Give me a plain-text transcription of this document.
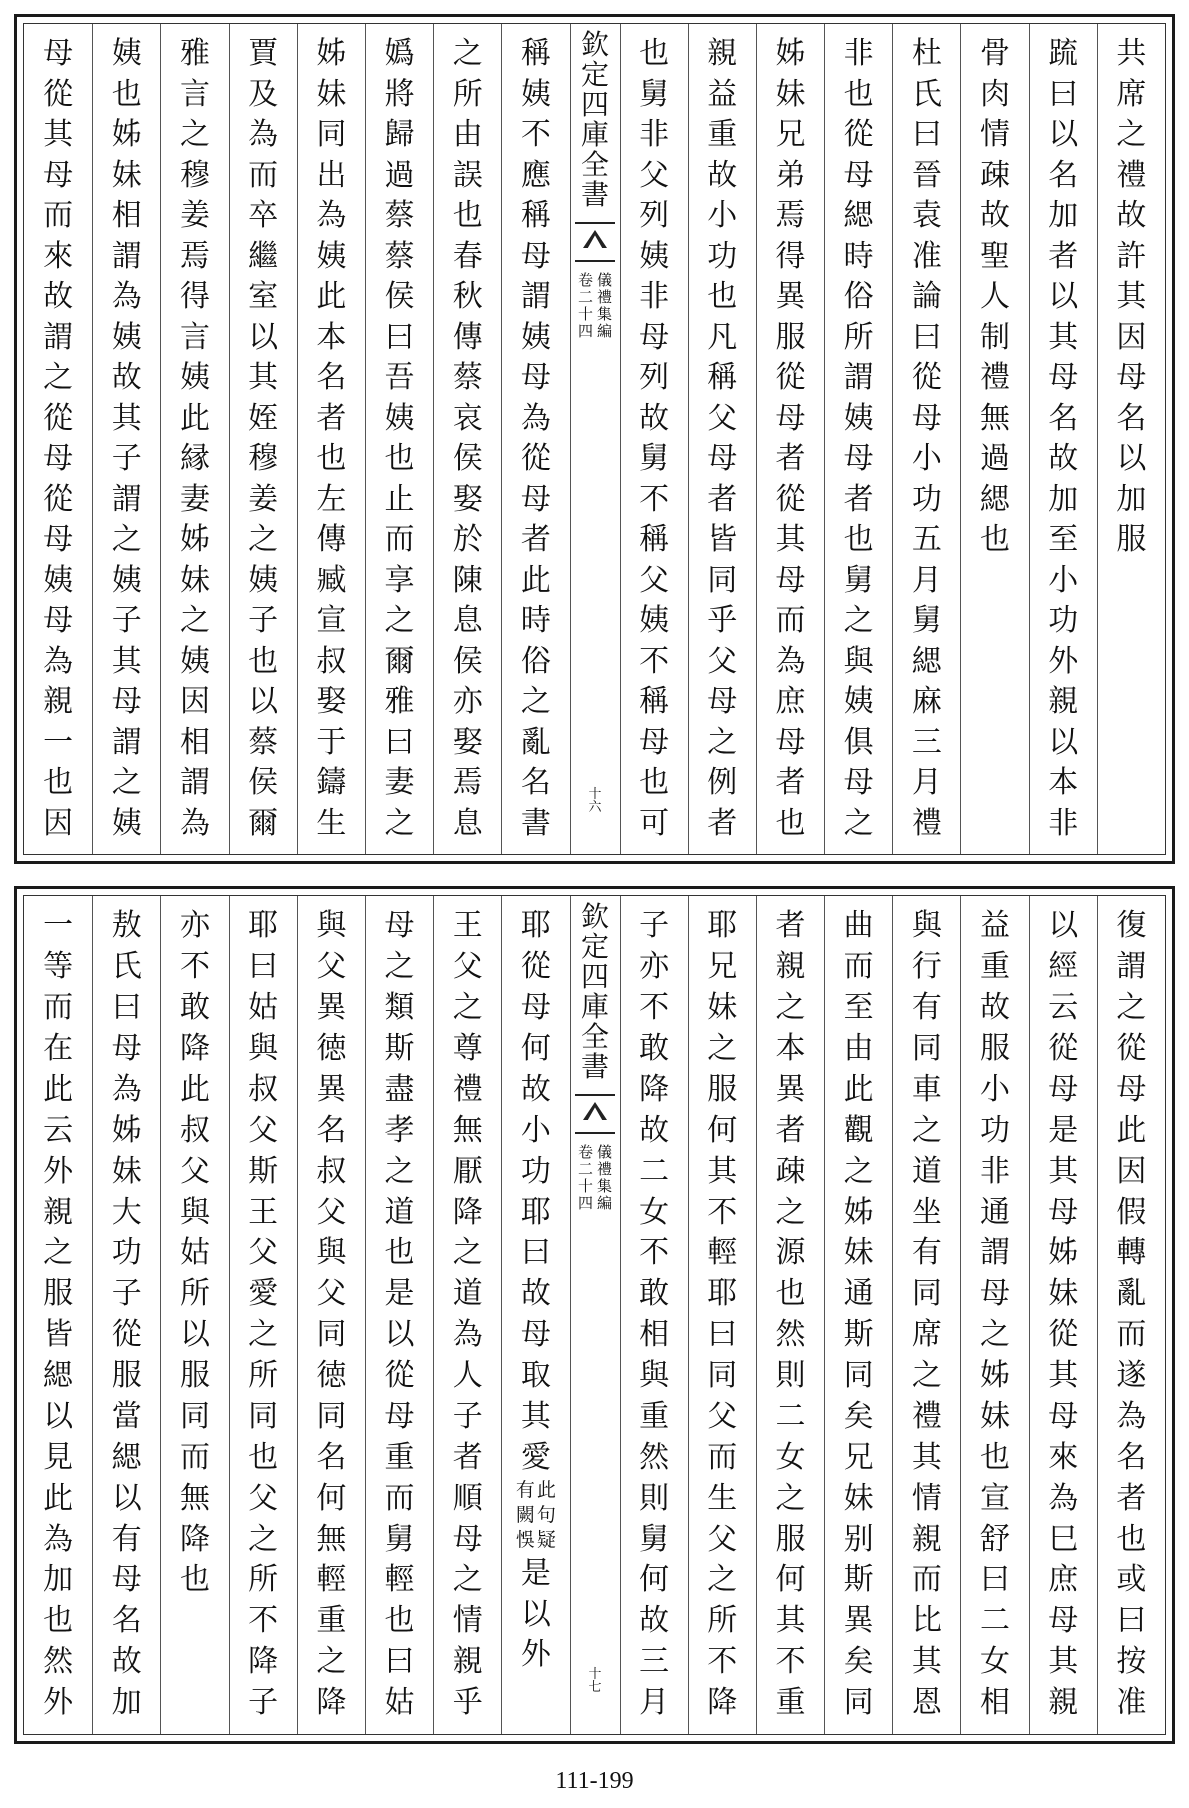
共
席
之
禮
故
許
其
因
母
名
以
加
服
䟽
曰
以
名
加
者
以
其
母
名
故
加
至
小
功
外
親
以
本
非
骨
肉
情
疎
故
聖
人
制
禮
無
過
緦
也
杜
氏
曰
晉
袁
准
論
曰
從
母
小
功
五
月
舅
緦
麻
三
月
禮
非
也
從
母
緦
時
俗
所
謂
姨
母
者
也
舅
之
與
姨
俱
母
之
姊
妹
兄
弟
焉
得
異
服
從
母
者
從
其
母
而
為
庶
母
者
也
親
益
重
故
小
功
也
凡
稱
父
母
者
皆
同
乎
父
母
之
例
者
也
舅
非
父
列
姨
非
母
列
故
舅
不
稱
父
姨
不
稱
母
也
可
欽
定
四
庫
全
書
儀
禮
集
編
卷
二
十
四
十
六
稱
姨
不
應
稱
母
謂
姨
母
為
從
母
者
此
時
俗
之
亂
名
書
之
所
由
誤
也
春
秋
傳
蔡
哀
侯
娶
於
陳
息
侯
亦
娶
焉
息
嬀
將
歸
過
蔡
蔡
侯
曰
吾
姨
也
止
而
享
之
爾
雅
曰
妻
之
姊
妹
同
出
為
姨
此
本
名
者
也
左
傳
臧
宣
叔
娶
于
鑄
生
賈
及
為
而
卒
繼
室
以
其
姪
穆
姜
之
姨
子
也
以
蔡
侯
爾
雅
言
之
穆
姜
焉
得
言
姨
此
縁
妻
姊
妹
之
姨
因
相
謂
為
姨
也
姊
妹
相
謂
為
姨
故
其
子
謂
之
姨
子
其
母
謂
之
姨
母
從
其
母
而
來
故
謂
之
從
母
從
母
姨
母
為
親
一
也
因
復
謂
之
從
母
此
因
假
轉
亂
而
遂
為
名
者
也
或
曰
按
准
以
經
云
從
母
是
其
母
姊
妹
從
其
母
來
為
巳
庶
母
其
親
益
重
故
服
小
功
非
通
謂
母
之
姊
妹
也
宣
舒
曰
二
女
相
與
行
有
同
車
之
道
坐
有
同
席
之
禮
其
情
親
而
比
其
恩
曲
而
至
由
此
觀
之
姊
妹
通
斯
同
矣
兄
妹
别
斯
異
矣
同
者
親
之
本
異
者
疎
之
源
也
然
則
二
女
之
服
何
其
不
重
耶
兄
妹
之
服
何
其
不
輕
耶
曰
同
父
而
生
父
之
所
不
降
子
亦
不
敢
降
故
二
女
不
敢
相
與
重
然
則
舅
何
故
三
月
欽
定
四
庫
全
書
儀
禮
集
編
卷
二
十
四
十
七
耶
從
母
何
故
小
功
耶
曰
故
母
取
其
愛
此
句
疑
有
闕
悞
是
以
外
王
父
之
尊
禮
無
厭
降
之
道
為
人
子
者
順
母
之
情
親
乎
母
之
類
斯
盡
孝
之
道
也
是
以
從
母
重
而
舅
輕
也
曰
姑
與
父
異
徳
異
名
叔
父
與
父
同
徳
同
名
何
無
輕
重
之
降
耶
曰
姑
與
叔
父
斯
王
父
愛
之
所
同
也
父
之
所
不
降
子
亦
不
敢
降
此
叔
父
與
姑
所
以
服
同
而
無
降
也
敖
氏
曰
母
為
姊
妹
大
功
子
從
服
當
緦
以
有
母
名
故
加
一
等
而
在
此
云
外
親
之
服
皆
緦
以
見
此
為
加
也
然
外
111-199
